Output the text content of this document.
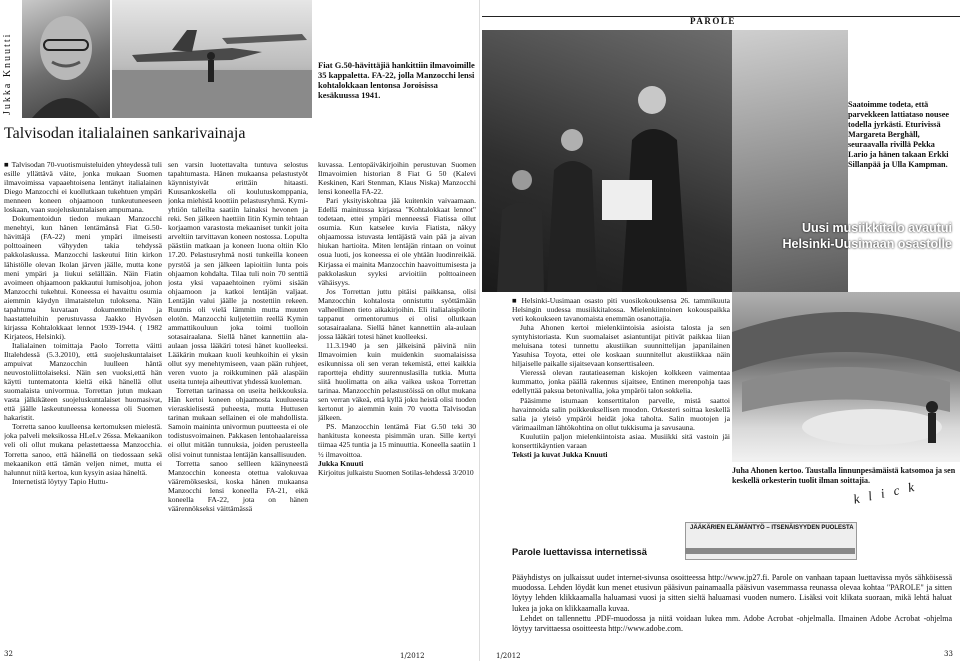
Jukka Knuutti	Fiat G.50-hävittäjiä hankittiin ilmavoimille 35 kappaletta. FA-22, jolla Manzocchi lensi kohtalokkaan lentonsa Joroisissa kesäkuussa 1941.
Talvisodan italialainen sankarivainaja

■ Talvisodan 70-vuotismuisteluiden yhteydessä tuli esille yllättävä väite, jonka mukaan Suomen ilmavoimissa vapaaehtoisena lentänyt italialainen Diego Manzocchi ei kuollutkaan tukehtuen ympäri menneen koneen ohjaamoon tunkeutuneeseen loskaan, vaan suojeluskuntalaisen ampumana.

Dokumentoidun tiedon mukaan Manzocchi menehtyi, kun hänen lentämänsä Fiat G.50-hävittäjä (FA-22) meni ympäri ilmeisesti polttoaineen vähyyden takia tehdyssä pakkolaskussa. Manzocchi laskeutui Iitin kirkon lähistölle olevan Ikolan järven jäälle, mutta kone meni ympäri ja liukui selällään. Näin Fiatin avoimeen ohjaamoon pakkautui lumisohjoa, johon Manzocchi tukehtui. Koneessa ei havaittu osumia aiemmin käydyn ilmataistelun tuloksena. Näin tapahtuma kuvataan dokumentteihin ja haastatteluihin perustuvassa Jaakko Hyvösen kirjassa Kohtalokkaat lennot 1939-1944. ( 1982 Kirjateos, Helsinki).

Italialainen toimittaja Paolo Torretta väitti Iltalehdessä (5.3.2010), että suojeluskuntalaiset ampuivat Manzocchin luulleen häntä neuvostoliittolaiseksi. Näin sen vuoksi,että hän käytti tuntematonta kieltä eikä hänellä ollut suomalaista univormua. Torrettan jutun mukaan vasta jälkikäteen suojeluskuntalaiset huomasivat, että jäälle laskeutuneessa koneessa oli Suomen hakaristit.

Torretta sanoo kuulleensa kertomuksen mielestä. joka palveli meksikossa HLeLv 26ssa. Mekaanikon veli oli ollut mukana pelastettaessa Manzocchia. Torretta sanoo, että häänellä on tiedossaan sekä mekaanikon että tämän veljen nimet, mutta ei halunnut niitä kertoa, kun kysyin asiaa häneltä.

Internetistä löytyy Tapio Huttu-

sen varsin luotettavalta tuntuva selostus tapahtumasta. Hänen mukaansa pelastustyöt käynnistyivät erittäin hitaasti. Kuusankoskella oli koulutuskomppania, jonka miehistä koottiin pelastusryhmä. Kymi-yhtiön talleilta saatiin lainaksi hevonen ja reki. Sen jälkeen haettiin Iitin Kymin tehtaan korjaamon varastosta mekaaniset tunkit joita arveltiin tarvittavan koneen nostossa. Lopulta päästiin matkaan ja koneen luona oltiin Klo 17.20. Pelastusryhmä nosti tunkeilla koneen pyrstöä ja sen jälkeen lapioitiin lunta pois ohjaamon kohdalta. Tilaa tuli noin 70 senttiä josta yksi vapaaehtoinen ryömi sisään ohjaamoon ja katkoi lentäjän valjaat. Lentäjän valui jäälle ja nostettiin rekeen. Ruumis oli vielä lämmin mutta muuten elotön. Manzocchi kuljetettiin reellä Kymin ammattikouluun joka toimi tuolloin sotasairaalana. Siellä hänet kannettiin ala-aulaan jossa lääkäri totesi hänet kuolleeksi. Lääkärin mukaan kuoli keuhkoihin ei yksin ollut syy menehtymiseen, vaan pään ruhjeet, veren vuoto ja roikkuminen pää alaspäin useita tunteja aiheuttivat yhdessä kuoleman.

Torrettan tarinassa on useita heikkouksia. Hän kertoi koneen ohjaamosta kuulueesta vieraskielisestä puheesta, mutta Huttusen tarinan mukaan sellainen ei ole mahdollista. Samoin maininta univormun puutteesta ei ole todistusvoimainen. Pakkasen lentohaalareissa ei ollut mitään tunnuksia, joiden perusteella olisi voinut tunnistaa lentäjän kansallisuuden.

Torretta sanoo sellleen käänyneestä Manzocchin koneesta otettua valokuvaa vääremöksesksi, koska hänen mukaansa Manzocchi lensi koneella FA-21, eikä koneella FA-22, jota on hänen väärennökseksi väittämässä

kuvassa. Lentopäiväkirjoihin perustuvan Suomen Ilmavoimien historian 8 Fiat G 50 (Kalevi Keskinen, Kari Stenman, Klaus Niska) Manzocchi lensi koneella FA-22.

Pari yksityiskohtaa jää kuitenkin vaivaamaan. Edellä mainitussa kirjassa "Kohtalokkaat lennot" todetaan, ettei ympäri menneessä Fiatissa ollut osumia. Kun katselee kuvia Fiatista, näkyy ohjaamossa istuvasta lentäjästä vain pää ja aivan hiukan hartioita. Miten lentäjän rintaan on voinut osua luoti, jos koneessa ei ole yhtään luodinreikää. Kirjassa ei mainita Manzocchin haavoittumisesta ja pakkolaskun syyksi arvioitiin polttoaineen vähäisyys.

Jos Torrettan juttu pitäisi paikkansa, olisi Manzocchin kohtalosta onnistuttu syöttämään valheellinen tieto aikakirjoihin. Eli italialaispilotin tappanut ormentorumus ei olisi ollutkaan sotasairaalana. Siellä hänet kannettiin ala-aulaan jossa lääkäri totesi hänet kuolleeksi.

11.3.1940 ja sen jälkeisinä päivinä niin Ilmavoimien kuin muidenkin suomalaisissa esikunnissa oli sen veran tekemistä, ettei kaikkia raportteja ehditty suurennuslasilla tutkia. Mutta siitä huolimatta on aika vaikea uskoa Torrettan tarinaa. Manzocchin pelastustöissä on ollut mukana sen verran väkeä, että kyllä joku heistä olisi tuoden kertonut jo aiemmin kuin 70 vuotta Talvisodan jälkeen.

PS. Manzocchin lentämä Fiat G.50 teki 30 hankitusta koneesta pisimmän uran. Sille kertyi tiimaa 425 tuntia ja 15 minuuttia. Koneella saatiin 1 ½ ilmavoittoa.

Jukka Knuuti

Kirjoitus julkaistu Suomen Sotilas-lehdessä 3/2010

32	1/2012
PAROLE
Saatoimme todeta, että parvekkeen lattiataso nousee todella jyrkästi. Eturivissä Margareta Berghäll, seuraavalla rivillä Pekka Lario ja hänen takaan Erkki Sillanpää ja Ulla Kampman.
Uusi musiikkitalo avautui
Helsinki-Uusimaan osastolle

■ Helsinki-Uusimaan osasto piti vuosikokouksensa 26. tammikuuta Helsingin uudessa musiikkitalossa. Mielenkiintoinen kokouspaikka veti kokoukseen tavanomaista enemmän osanottajia.

Juha Ahonen kertoi mielenkiintoisia asioista talosta ja sen syntyhistoriasta. Kun suomalaiset asiantuntijat pitivät paikkaa liian meluisana totesi tunnettu akustiikan suunnittelijan japanilainen Yasuhisa Toyota, ettei ole koskaan suunnitellut akustiikkaa näin hiljaiselle paikalle sijaitsevaan konserttisaleen.

Vieressä olevan rautatieaseman kiskojen kolkkeen vaimentaa kummatto, jonka päällä rakennus sijaitsee, Entinen merenpohja taas edellyttää paksua betonivallia, joka ympäröi talon sokkelia.

Pääsimme istumaan konserttitalon parvelle, mistä saattoi havainnoida salin poikkeuksellisen muodon. Orkesteri soittaa keskellä salia ja yleisö ympäröi heidät joka taholta. Salin muotojen ja värimaailman lähtökohtina on ollut tukkisuma ja savusauna.

Kuulutiin paljon mielenkiintoista asiaa. Musiikki sitä vastoin jäi konserttikäyntien varaan

Teksti ja kuvat Jukka Knuuti

Juha Ahonen kertoo. Taustalla linnunpesämäistä katsomoa ja sen keskellä orkesterin tuolit ilman soittajia.
k l i c k
JÄÄKÄRIEN ELÄMÄNTYÖ – ITSENÄISYYDEN PUOLESTA
Parole luettavissa internetissä

Pääyhdistys on julkaissut uudet internet-sivunsa osoitteessa http://www.jp27.fi. Parole on vanhaan tapaan luettavissa myös sähköisessä muodossa. Lehden löydät kun menet etusivun pääsivun painamaalla pääsivun vasemmassa reunassa olevaa kohtaa "PAROLE" ja sitten löytyy lehden klikkaamalla haluamasi vuosi ja sitten sieltä haluamasi vuoden numero. Lisäksi voit klikata suoraan, mikä lehtä haluat lukea ja joka on klikkaamalla kuvaa.

Lehdet on tallennettu .PDF-muodossa ja niitä voidaan lukea mm. Adobe Acrobat -ohjelmalla. Ilmainen Adobe Acrobat -ohjelma löytyy tarvittaessa osoitteesta http://www.adobe.com.

1/2012	33
